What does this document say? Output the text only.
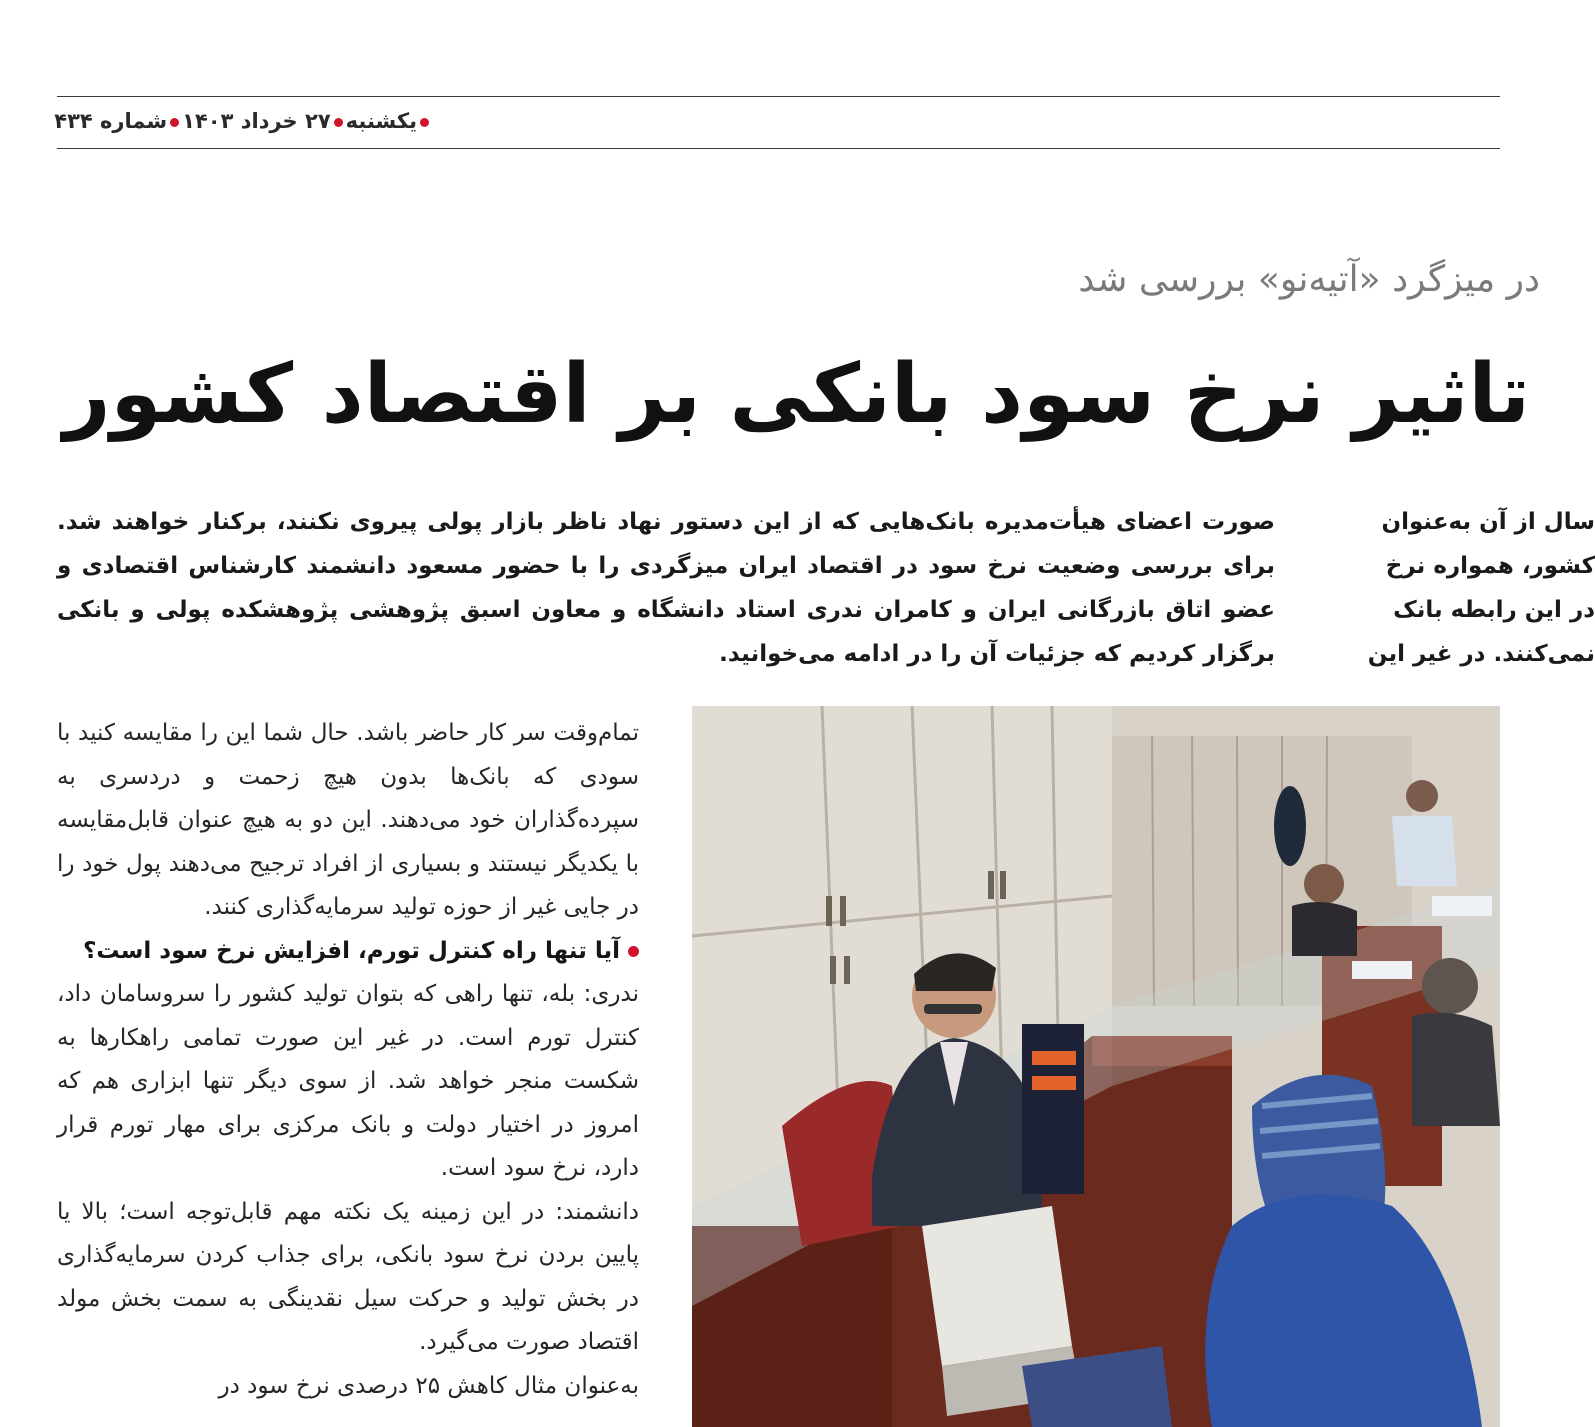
یکشنبه۲۷ خرداد ۱۴۰۳شماره ۴۳۴
در میزگرد «آتیه‌نو» بررسی شد
تاثیر نرخ سود بانکی بر اقتصاد کشور
سال از آن به‌عنوان
کشور، همواره نرخ
در این رابطه بانک
نمی‌کنند. در غیر این

صورت اعضای هیأت‌مدیره بانک‌هایی که از این دستور نهاد ناظر بازار پولی پیروی نکنند، برکنار خواهند شد. برای بررسی وضعیت نرخ سود در اقتصاد ایران میزگردی را با حضور مسعود دانشمند کارشناس اقتصادی و عضو اتاق بازرگانی ایران و کامران ندری استاد دانشگاه و معاون اسبق پژوهشی پژوهشکده پولی و بانکی برگزار کردیم که جزئیات آن را در ادامه می‌خوانید.

تمام‌وقت سر کار حاضر باشد. حال شما این را مقایسه کنید با سودی که بانک‌ها بدون هیچ زحمت و دردسری به سپرده‌گذاران خود می‌دهند. این دو به هیچ عنوان قابل‌مقایسه با یکدیگر نیستند و بسیاری از افراد ترجیح می‌دهند پول خود را در جایی غیر از حوزه تولید سرمایه‌گذاری کنند.

آیا تنها راه کنترل تورم، افزایش نرخ سود است؟

ندری: بله، تنها راهی که بتوان تولید کشور را سروسامان داد، کنترل تورم است. در غیر این صورت تمامی راهکارها به شکست منجر خواهد شد. از سوی دیگر تنها ابزاری هم که امروز در اختیار دولت و بانک مرکزی برای مهار تورم قرار دارد، نرخ سود است.

دانشمند: در این زمینه یک نکته مهم قابل‌توجه است؛ بالا یا پایین بردن نرخ سود بانکی، برای جذاب کردن سرمایه‌گذاری در بخش تولید و حرکت سیل نقدینگی به سمت بخش مولد اقتصاد صورت می‌گیرد.

به‌عنوان مثال کاهش ۲۵ درصدی نرخ سود در
